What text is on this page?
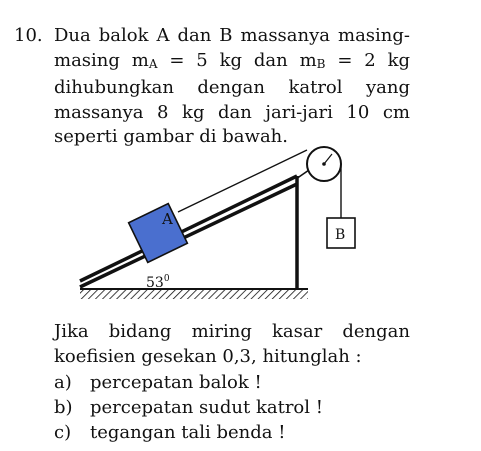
10. Dua balok A dan B massanya masing-
masing mA = 5 kg dan mB = 2 kg
dihubungkan dengan katrol yang
massanya 8 kg dan jari-jari 10 cm
seperti gambar di bawah.
A
B
$53^0$
Jika bidang miring kasar dengan
koefisien gesekan 0,3, hitunglah :
a)	percepatan balok !
b) percepatan sudut katrol !
c)	tegangan tali benda !
